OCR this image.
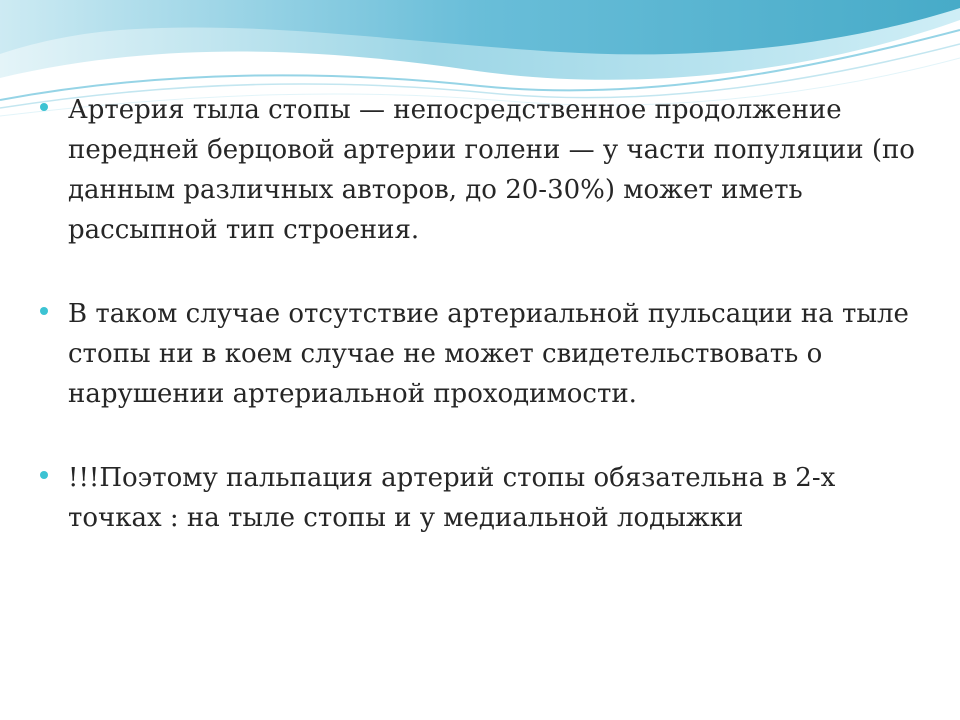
Артерия тыла стопы — непосредственное продолжение передней берцовой артерии голени — у части популяции (по данным различных авторов, до 20-30%) может иметь рассыпной тип строения.
В таком случае отсутствие артериальной пульсации на тыле стопы ни в коем случае не может свидетельствовать о нарушении артериальной проходимости.
!!!Поэтому пальпация артерий стопы обязательна в 2-х точках : на тыле стопы и у медиальной лодыжки
